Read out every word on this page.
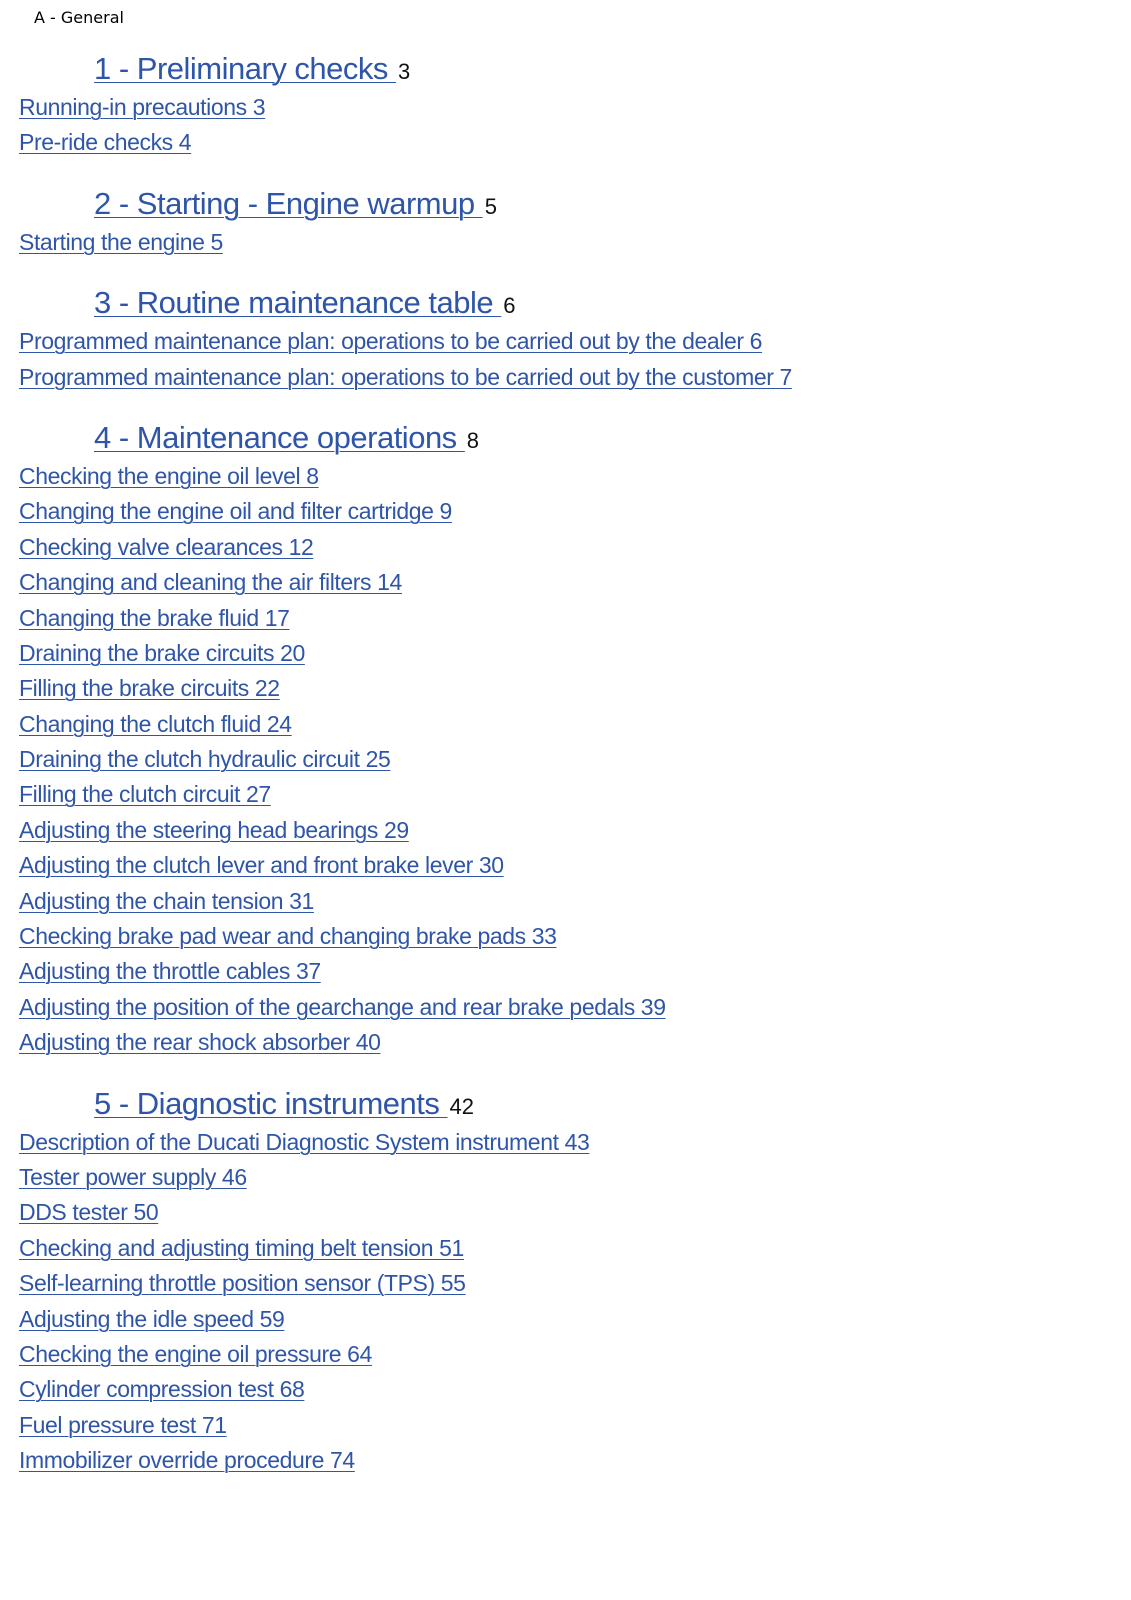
A - General
1 - Preliminary checks 3
Running-in precautions 3
Pre-ride checks 4
2 - Starting - Engine warmup 5
Starting the engine 5
3 - Routine maintenance table 6
Programmed maintenance plan: operations to be carried out by the dealer 6
Programmed maintenance plan: operations to be carried out by the customer 7
4 - Maintenance operations 8
Checking the engine oil level 8
Changing the engine oil and filter cartridge 9
Checking valve clearances 12
Changing and cleaning the air filters 14
Changing the brake fluid 17
Draining the brake circuits 20
Filling the brake circuits 22
Changing the clutch fluid 24
Draining the clutch hydraulic circuit 25
Filling the clutch circuit 27
Adjusting the steering head bearings 29
Adjusting the clutch lever and front brake lever 30
Adjusting the chain tension 31
Checking brake pad wear and changing brake pads 33
Adjusting the throttle cables 37
Adjusting the position of the gearchange and rear brake pedals 39
Adjusting the rear shock absorber 40
5 - Diagnostic instruments 42
Description of the Ducati Diagnostic System instrument 43
Tester power supply 46
DDS tester 50
Checking and adjusting timing belt tension 51
Self-learning throttle position sensor (TPS) 55
Adjusting the idle speed 59
Checking the engine oil pressure 64
Cylinder compression test 68
Fuel pressure test 71
Immobilizer override procedure 74
